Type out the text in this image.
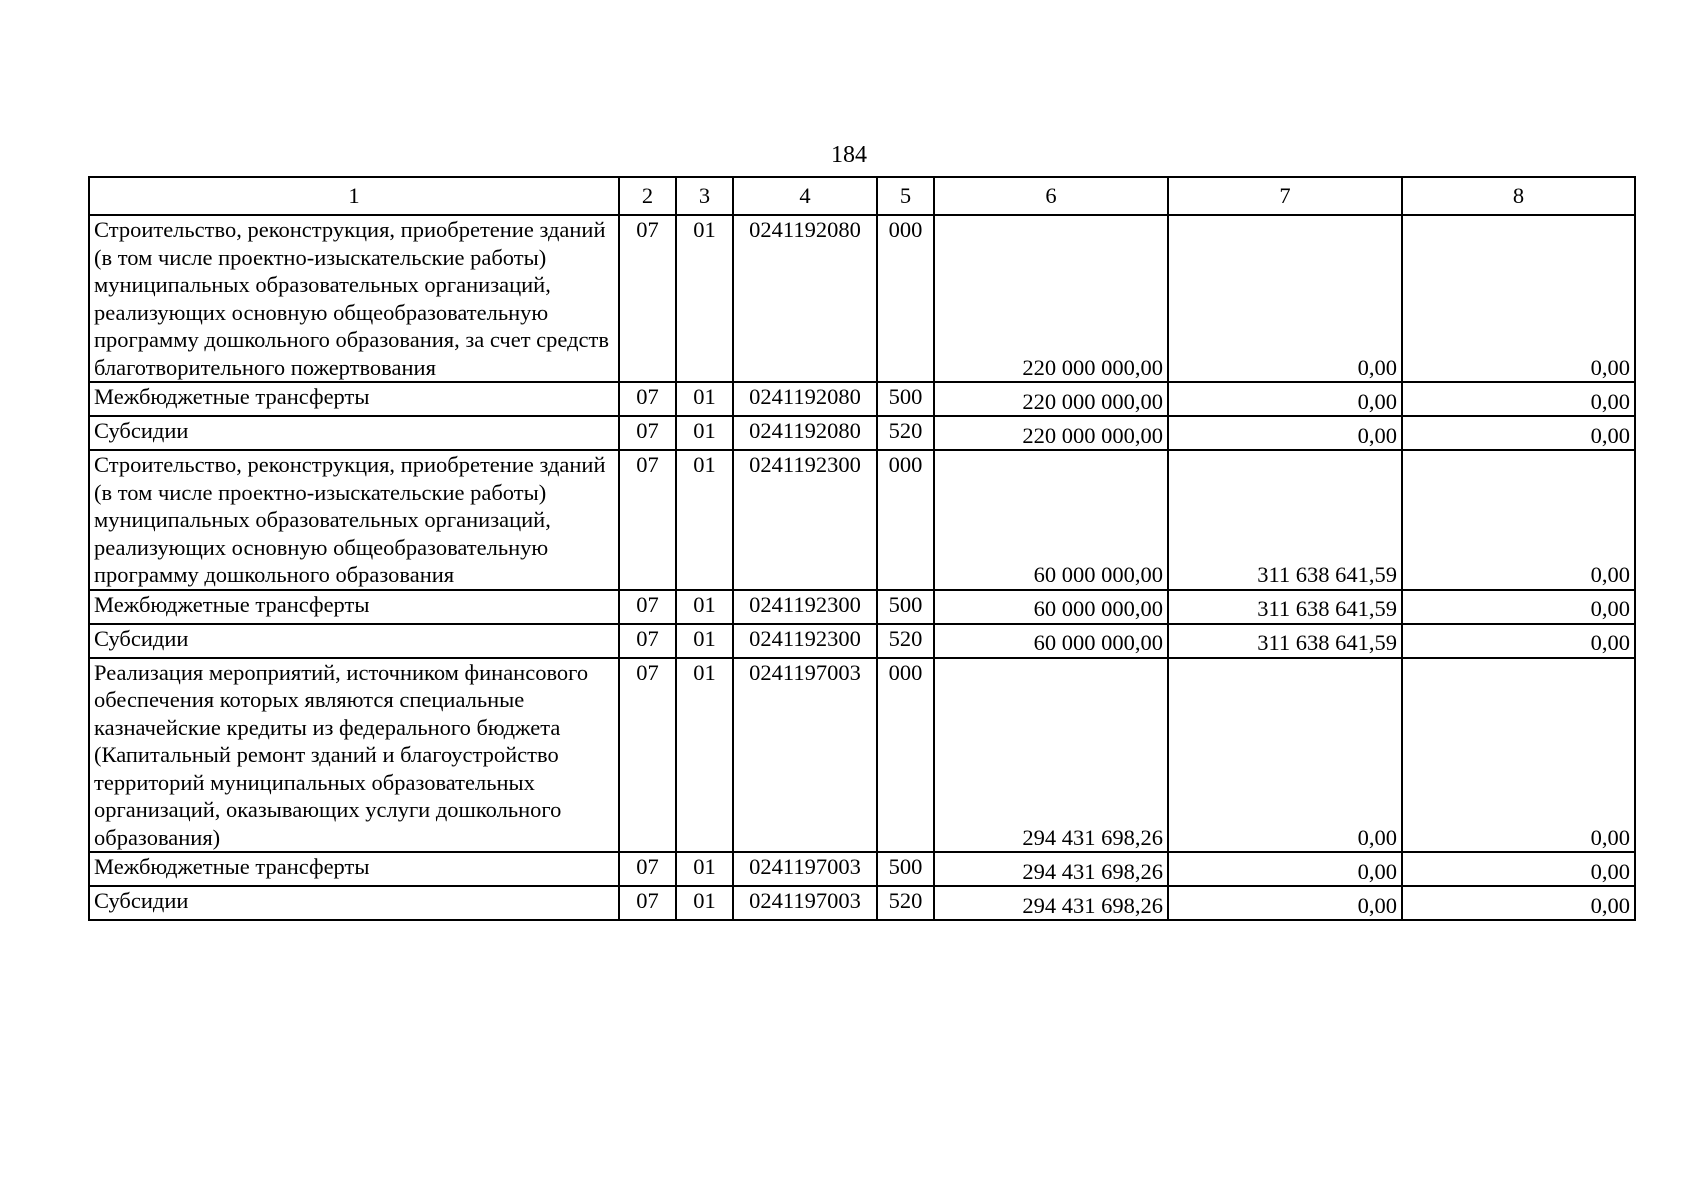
184
1	2	3	4	5	6	7	8
Строительство, реконструкция, приобретение зданий (в том числе проектно-изыскательские работы) муниципальных образовательных организаций, реализующих основную общеобразовательную программу дошкольного образования, за счет средств благотворительного пожертвования	07	01	0241192080	000	220 000 000,00	0,00	0,00
Межбюджетные трансферты	07	01	0241192080	500	220 000 000,00	0,00	0,00
Субсидии	07	01	0241192080	520	220 000 000,00	0,00	0,00
Строительство, реконструкция, приобретение зданий (в том числе проектно-изыскательские работы) муниципальных образовательных организаций, реализующих основную общеобразовательную программу дошкольного образования	07	01	0241192300	000	60 000 000,00	311 638 641,59	0,00
Межбюджетные трансферты	07	01	0241192300	500	60 000 000,00	311 638 641,59	0,00
Субсидии	07	01	0241192300	520	60 000 000,00	311 638 641,59	0,00
Реализация мероприятий, источником финансового обеспечения которых являются специальные казначейские кредиты из федерального бюджета (Капитальный ремонт зданий и благоустройство территорий муниципальных образовательных организаций, оказывающих услуги дошкольного образования)	07	01	0241197003	000	294 431 698,26	0,00	0,00
Межбюджетные трансферты	07	01	0241197003	500	294 431 698,26	0,00	0,00
Субсидии	07	01	0241197003	520	294 431 698,26	0,00	0,00
